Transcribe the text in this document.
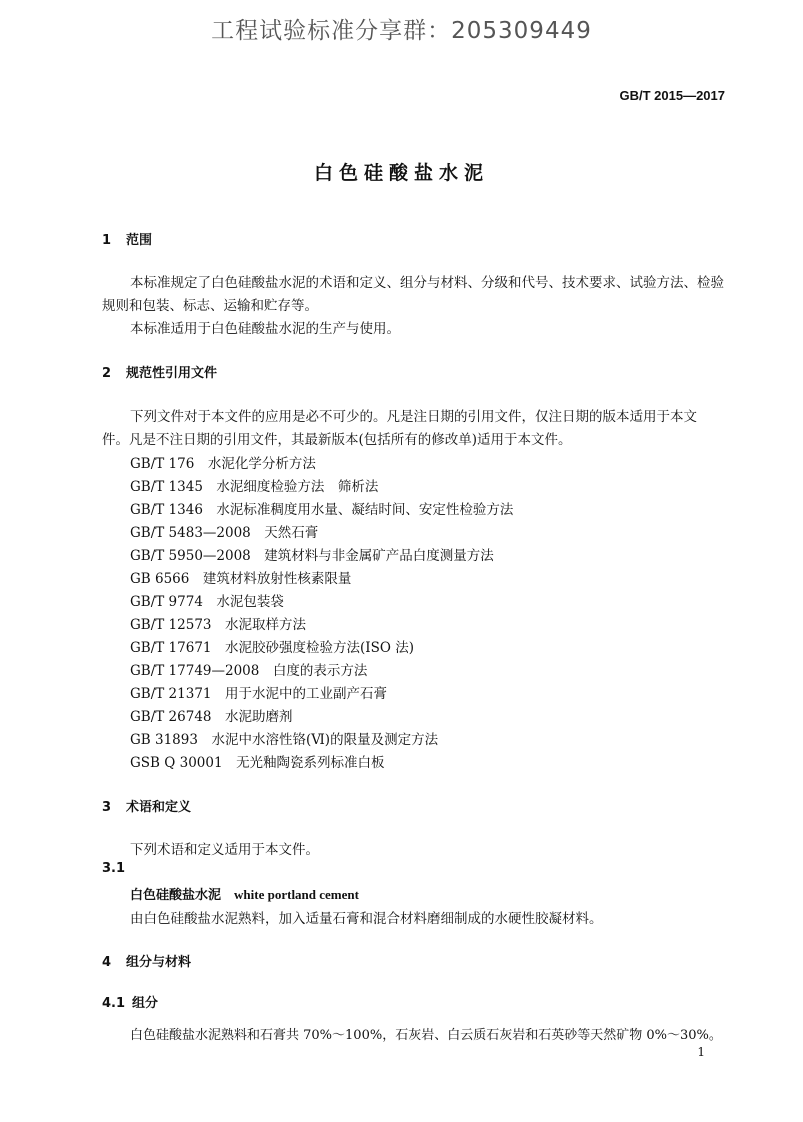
工程试验标准分享群：205309449
GB/T 2015—2017
白色硅酸盐水泥
1 范围
本标准规定了白色硅酸盐水泥的术语和定义、组分与材料、分级和代号、技术要求、试验方法、检验
规则和包装、标志、运输和贮存等。
本标准适用于白色硅酸盐水泥的生产与使用。
2 规范性引用文件
下列文件对于本文件的应用是必不可少的。凡是注日期的引用文件，仅注日期的版本适用于本文
件。凡是不注日期的引用文件，其最新版本(包括所有的修改单)适用于本文件。
GB/T 176　 水泥化学分析方法
GB/T 1345　 水泥细度检验方法　筛析法
GB/T 1346　 水泥标准稠度用水量、凝结时间、安定性检验方法
GB/T 5483—2008　 天然石膏
GB/T 5950—2008　 建筑材料与非金属矿产品白度测量方法
GB 6566　 建筑材料放射性核素限量
GB/T 9774　 水泥包装袋
GB/T 12573　 水泥取样方法
GB/T 17671　 水泥胶砂强度检验方法(ISO 法)
GB/T 17749—2008　 白度的表示方法
GB/T 21371　 用于水泥中的工业副产石膏
GB/T 26748　 水泥助磨剂
GB 31893　 水泥中水溶性铬(Ⅵ)的限量及测定方法
GSB Q 30001　 无光釉陶瓷系列标准白板
3 术语和定义
下列术语和定义适用于本文件。
3.1
白色硅酸盐水泥　 white portland cement
由白色硅酸盐水泥熟料，加入适量石膏和混合材料磨细制成的水硬性胶凝材料。
4 组分与材料
4.1 组分
白色硅酸盐水泥熟料和石膏共 70%～100%，石灰岩、白云质石灰岩和石英砂等天然矿物 0%～30%。
1
